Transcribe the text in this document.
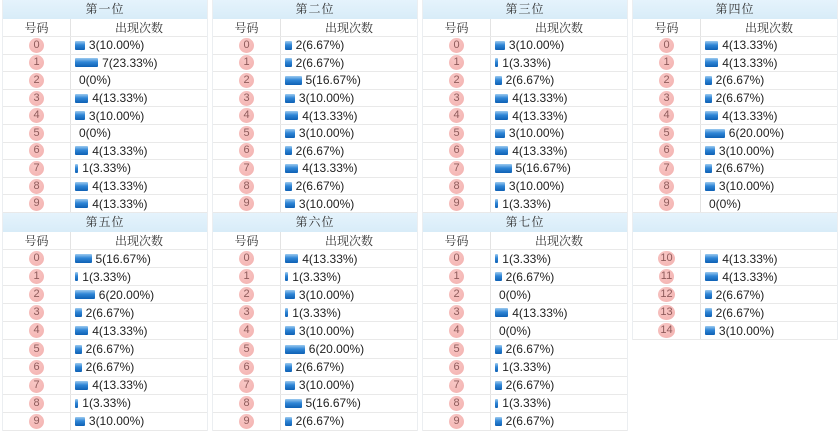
第一位
号码	出现次数
0	3(10.00%)
1	7(23.33%)
2	0(0%)
3	4(13.33%)
4	3(10.00%)
5	0(0%)
6	4(13.33%)
7	1(3.33%)
8	4(13.33%)
9	4(13.33%)
第二位
号码	出现次数
0	2(6.67%)
1	2(6.67%)
2	5(16.67%)
3	3(10.00%)
4	4(13.33%)
5	3(10.00%)
6	2(6.67%)
7	4(13.33%)
8	2(6.67%)
9	3(10.00%)
第三位
号码	出现次数
0	3(10.00%)
1	1(3.33%)
2	2(6.67%)
3	4(13.33%)
4	4(13.33%)
5	3(10.00%)
6	4(13.33%)
7	5(16.67%)
8	3(10.00%)
9	1(3.33%)
第四位
号码	出现次数
0	4(13.33%)
1	4(13.33%)
2	2(6.67%)
3	2(6.67%)
4	4(13.33%)
5	6(20.00%)
6	3(10.00%)
7	2(6.67%)
8	3(10.00%)
9	0(0%)
第五位
号码	出现次数
0	5(16.67%)
1	1(3.33%)
2	6(20.00%)
3	2(6.67%)
4	4(13.33%)
5	2(6.67%)
6	2(6.67%)
7	4(13.33%)
8	1(3.33%)
9	3(10.00%)
第六位
号码	出现次数
0	4(13.33%)
1	1(3.33%)
2	3(10.00%)
3	1(3.33%)
4	3(10.00%)
5	6(20.00%)
6	2(6.67%)
7	3(10.00%)
8	5(16.67%)
9	2(6.67%)
第七位
号码	出现次数
0	1(3.33%)
1	2(6.67%)
2	0(0%)
3	4(13.33%)
4	0(0%)
5	2(6.67%)
6	1(3.33%)
7	2(6.67%)
8	1(3.33%)
9	2(6.67%)
10	4(13.33%)
11	4(13.33%)
12	2(6.67%)
13	2(6.67%)
14	3(10.00%)
